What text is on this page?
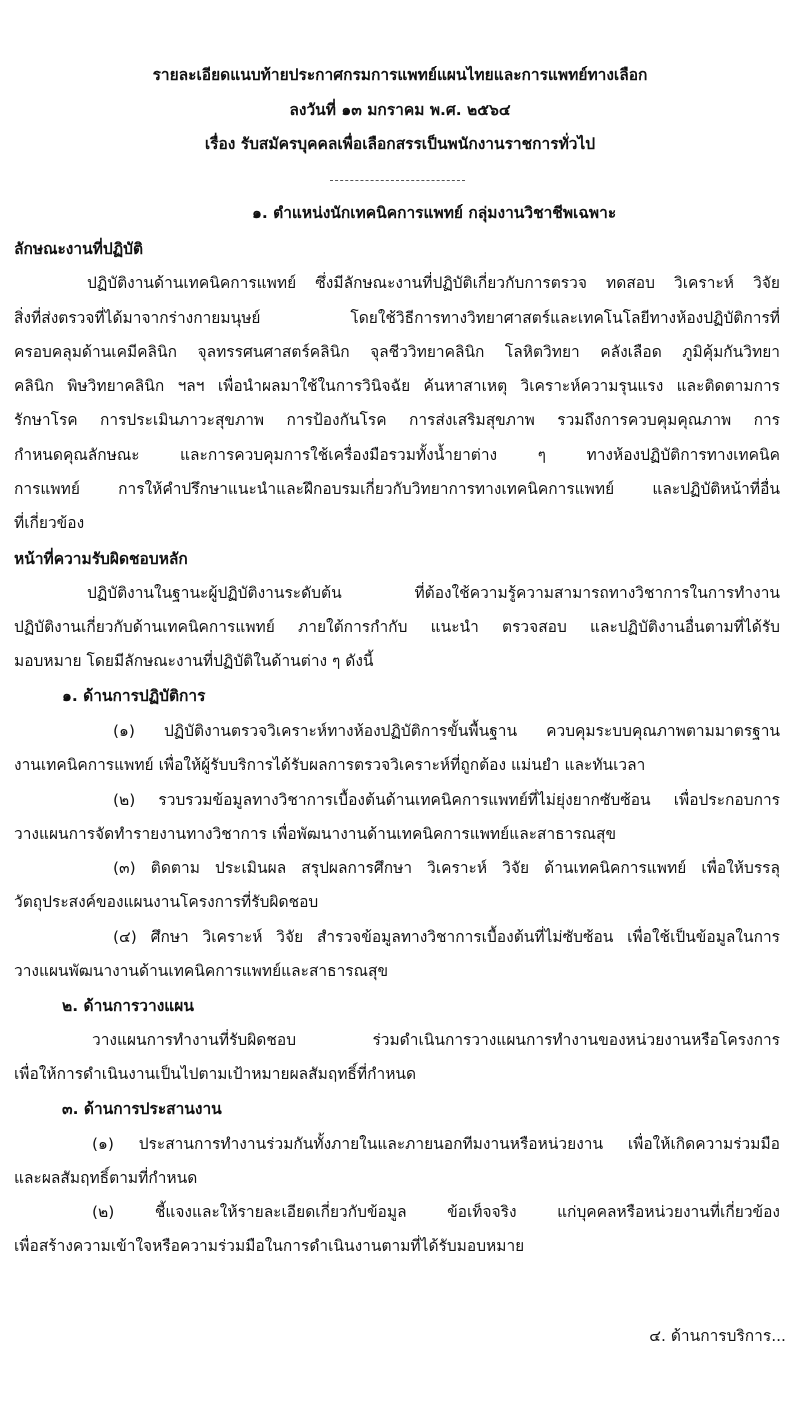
รายละเอียดแนบท้ายประกาศกรมการแพทย์แผนไทยและการแพทย์ทางเลือก
ลงวันที่ ๑๓ มกราคม พ.ศ. ๒๕๖๔
เรื่อง รับสมัครบุคคลเพื่อเลือกสรรเป็นพนักงานราชการทั่วไป
๑. ตำแหน่งนักเทคนิคการแพทย์ กลุ่มงานวิชาชีพเฉพาะ
ลักษณะงานที่ปฏิบัติ
ปฏิบัติงานด้านเทคนิคการแพทย์ ซึ่งมีลักษณะงานที่ปฏิบัติเกี่ยวกับการตรวจ ทดสอบ วิเคราะห์ วิจัย
สิ่งที่ส่งตรวจที่ได้มาจากร่างกายมนุษย์ โดยใช้วิธีการทางวิทยาศาสตร์และเทคโนโลยีทางห้องปฏิบัติการที่
ครอบคลุมด้านเคมีคลินิก จุลทรรศนศาสตร์คลินิก จุลชีววิทยาคลินิก โลหิตวิทยา คลังเลือด ภูมิคุ้มกันวิทยา
คลินิก พิษวิทยาคลินิก ฯลฯ เพื่อนำผลมาใช้ในการวินิจฉัย ค้นหาสาเหตุ วิเคราะห์ความรุนแรง และติดตามการ
รักษาโรค การประเมินภาวะสุขภาพ การป้องกันโรค การส่งเสริมสุขภาพ รวมถึงการควบคุมคุณภาพ การ
กำหนดคุณลักษณะ และการควบคุมการใช้เครื่องมือรวมทั้งน้ำยาต่าง ๆ ทางห้องปฏิบัติการทางเทคนิค
การแพทย์ การให้คำปรึกษาแนะนำและฝึกอบรมเกี่ยวกับวิทยาการทางเทคนิคการแพทย์ และปฏิบัติหน้าที่อื่น
ที่เกี่ยวข้อง
หน้าที่ความรับผิดชอบหลัก
ปฏิบัติงานในฐานะผู้ปฏิบัติงานระดับต้น ที่ต้องใช้ความรู้ความสามารถทางวิชาการในการทำงาน
ปฏิบัติงานเกี่ยวกับด้านเทคนิคการแพทย์ ภายใต้การกำกับ แนะนำ ตรวจสอบ และปฏิบัติงานอื่นตามที่ได้รับ
มอบหมาย โดยมีลักษณะงานที่ปฏิบัติในด้านต่าง ๆ ดังนี้
๑. ด้านการปฏิบัติการ
(๑) ปฏิบัติงานตรวจวิเคราะห์ทางห้องปฏิบัติการขั้นพื้นฐาน ควบคุมระบบคุณภาพตามมาตรฐาน
งานเทคนิคการแพทย์ เพื่อให้ผู้รับบริการได้รับผลการตรวจวิเคราะห์ที่ถูกต้อง แม่นยำ และทันเวลา
(๒) รวบรวมข้อมูลทางวิชาการเบื้องต้นด้านเทคนิคการแพทย์ที่ไม่ยุ่งยากซับซ้อน เพื่อประกอบการ
วางแผนการจัดทำรายงานทางวิชาการ เพื่อพัฒนางานด้านเทคนิคการแพทย์และสาธารณสุข
(๓) ติดตาม ประเมินผล สรุปผลการศึกษา วิเคราะห์ วิจัย ด้านเทคนิคการแพทย์ เพื่อให้บรรลุ
วัตถุประสงค์ของแผนงานโครงการที่รับผิดชอบ
(๔) ศึกษา วิเคราะห์ วิจัย สำรวจข้อมูลทางวิชาการเบื้องต้นที่ไม่ซับซ้อน เพื่อใช้เป็นข้อมูลในการ
วางแผนพัฒนางานด้านเทคนิคการแพทย์และสาธารณสุข
๒. ด้านการวางแผน
วางแผนการทำงานที่รับผิดชอบ ร่วมดำเนินการวางแผนการทำงานของหน่วยงานหรือโครงการ
เพื่อให้การดำเนินงานเป็นไปตามเป้าหมายผลสัมฤทธิ์ที่กำหนด
๓. ด้านการประสานงาน
(๑) ประสานการทำงานร่วมกันทั้งภายในและภายนอกทีมงานหรือหน่วยงาน เพื่อให้เกิดความร่วมมือ
และผลสัมฤทธิ์ตามที่กำหนด
(๒) ชี้แจงและให้รายละเอียดเกี่ยวกับข้อมูล ข้อเท็จจริง แก่บุคคลหรือหน่วยงานที่เกี่ยวข้อง
เพื่อสร้างความเข้าใจหรือความร่วมมือในการดำเนินงานตามที่ได้รับมอบหมาย
๔. ด้านการบริการ...
